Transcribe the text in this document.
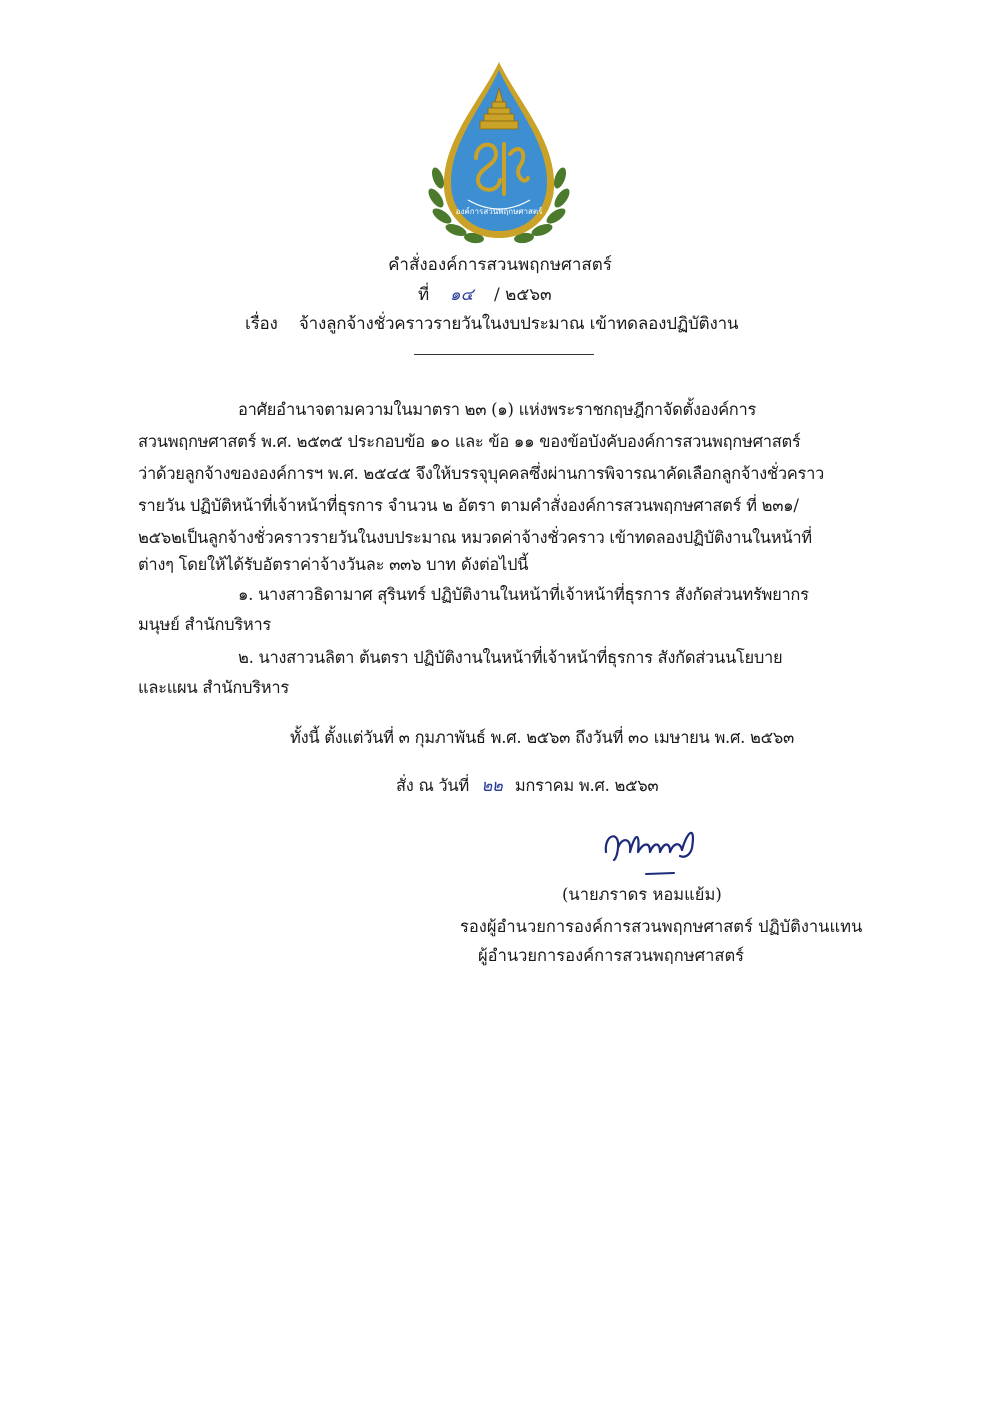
องค์การสวนพฤกษศาสตร์
คำสั่งองค์การสวนพฤกษศาสตร์
ที่ ๑๔ / ๒๕๖๓
เรื่อง จ้างลูกจ้างชั่วคราวรายวันในงบประมาณ เข้าทดลองปฏิบัติงาน
อาศัยอำนาจตามความในมาตรา ๒๓ (๑) แห่งพระราชกฤษฎีกาจัดตั้งองค์การ
สวนพฤกษศาสตร์ พ.ศ. ๒๕๓๕ ประกอบข้อ ๑๐ และ ข้อ ๑๑ ของข้อบังคับองค์การสวนพฤกษศาสตร์
ว่าด้วยลูกจ้างขององค์การฯ พ.ศ. ๒๕๔๕ จึงให้บรรจุบุคคลซึ่งผ่านการพิจารณาคัดเลือกลูกจ้างชั่วคราว
รายวัน ปฏิบัติหน้าที่เจ้าหน้าที่ธุรการ จำนวน ๒ อัตรา ตามคำสั่งองค์การสวนพฤกษศาสตร์ ที่ ๒๓๑/
๒๕๖๒เป็นลูกจ้างชั่วคราวรายวันในงบประมาณ หมวดค่าจ้างชั่วคราว เข้าทดลองปฏิบัติงานในหน้าที่
ต่างๆ โดยให้ได้รับอัตราค่าจ้างวันละ ๓๓๖ บาท ดังต่อไปนี้
๑. นางสาวธิดามาศ สุรินทร์ ปฏิบัติงานในหน้าที่เจ้าหน้าที่ธุรการ สังกัดส่วนทรัพยากร
มนุษย์ สำนักบริหาร
๒. นางสาวนลิตา ต้นตรา ปฏิบัติงานในหน้าที่เจ้าหน้าที่ธุรการ สังกัดส่วนนโยบาย
และแผน สำนักบริหาร
ทั้งนี้ ตั้งแต่วันที่ ๓ กุมภาพันธ์ พ.ศ. ๒๕๖๓ ถึงวันที่ ๓๐ เมษายน พ.ศ. ๒๕๖๓
สั่ง ณ วันที่ ๒๒ มกราคม พ.ศ. ๒๕๖๓
(นายภราดร หอมแย้ม)
รองผู้อำนวยการองค์การสวนพฤกษศาสตร์ ปฏิบัติงานแทน
ผู้อำนวยการองค์การสวนพฤกษศาสตร์
